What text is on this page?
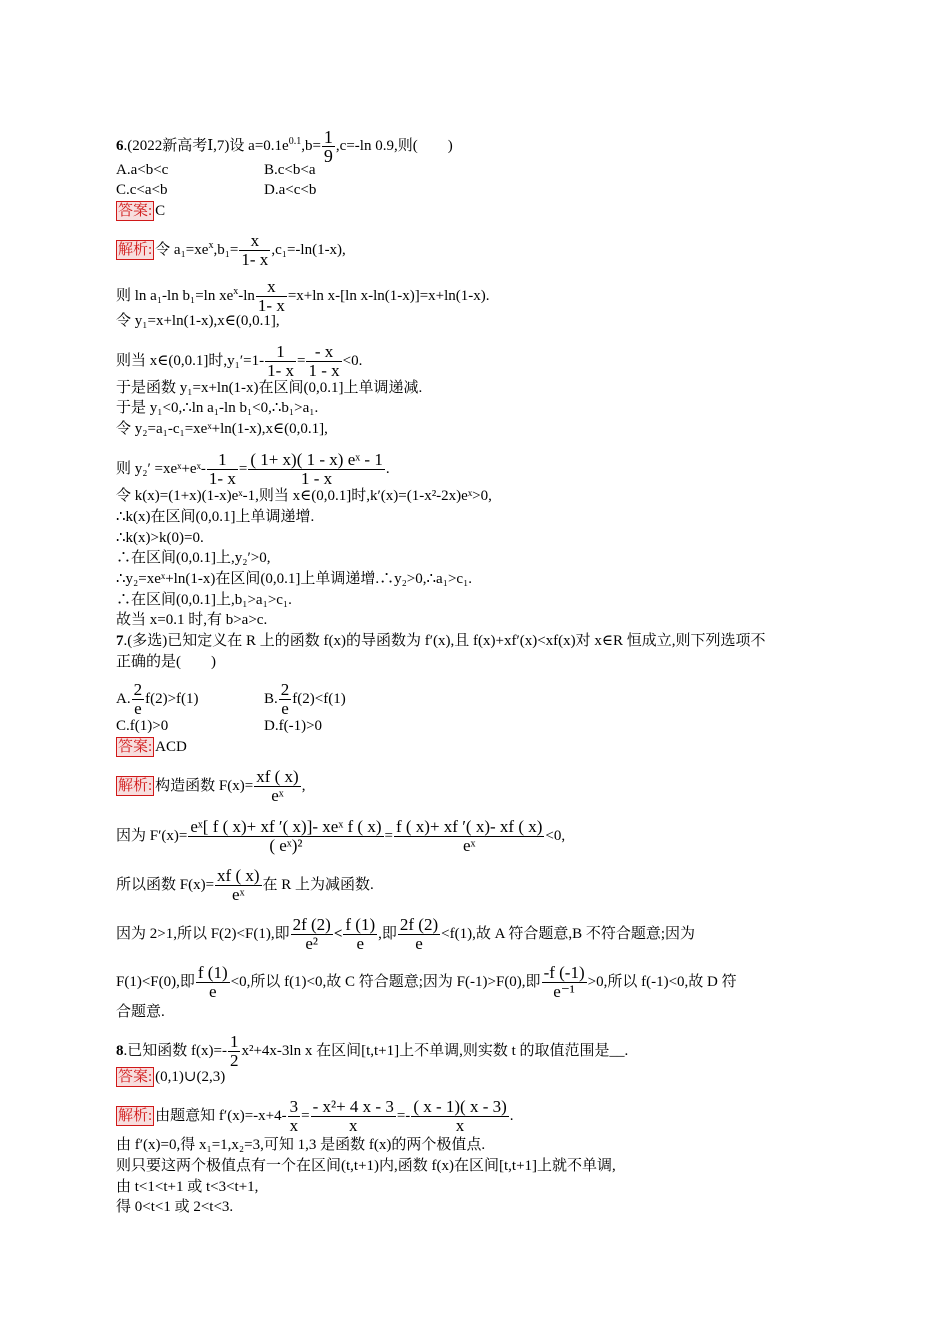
6.(2022新高考Ⅰ,7)设 $a=0.1e^{0.1},b= \frac{1}{9} ,c=-\ln$ 0.9,则(　　)
A.a<b<c	B.c<b<a
C.c<a<b	D.a<c<b
答案: C
解析: 令 $a_1=xe^x,b_1= \frac{x}{1- x} ,c_1=-\ln(1-x)$,
则 ln a₁-ln b₁=ln $xe^x-\ln \frac{x}{1- x} =x+\ln$ x-[ln x-ln(1-x)]=x+ln(1-x).
令 y₁=x+ln(1-x),x∈(0,0.1],
则当 x∈(0,0.1]时$,y_1'=1- \frac{1}{1- x} = \frac{- x}{1 - x} <0$.
于是函数 y₁=x+ln(1-x)在区间(0,0.1]上单调递减.
于是 y₁<0,∴ln a₁-ln b₁<0,∴b₁>a₁.
令 y₂=a₁-c₁=xeˣ+ln(1-x),x∈(0,0.1],
则 y₂′ =xeˣ+eˣ- $\frac{1}{1- x} = \frac{\text{( 1+ x)( 1 - x) eˣ - 1}}{1 - x}$ .
令 k(x)=(1+x)(1-x)eˣ-1,则当 x∈(0,0.1]时,k′(x)=(1-x²-2x)eˣ>0,
∴k(x)在区间(0,0.1]上单调递增.
∴k(x)>k(0)=0.
∴在区间(0,0.1]上,y₂′>0,
∴y₂=xeˣ+ln(1-x)在区间(0,0.1]上单调递增.∴y₂>0,∴a₁>c₁.
∴在区间(0,0.1]上,b₁>a₁>c₁.
故当 x=0.1 时,有 b>a>c.
7.(多选)已知定义在 R 上的函数 f(x)的导函数为 f′(x),且 f(x)+xf′(x)<xf(x)对 x∈R 恒成立,则下列选项不
正确的是(　　)
A. $\frac{2}{e} f(2)>f(1)$	B. $\frac{2}{e} f(2)<f(1)$
C.f(1)>0	D.f(-1)>0
答案: ACD
解析: 构造函数 $F(x)= \frac{xf ( x)}{\text{eˣ}}$ ,
因为 $F'(x)= \frac{\text{eˣ[ f ( x)+ xf ′( x)]- xeˣ f ( x)}}{\text{( eˣ)²}} = \frac{f ( x)+ xf '( x)- xf ( x)}{\text{eˣ}} <0$,
所以函数 $F(x)= \frac{xf ( x)}{\text{eˣ}}$ 在 R 上为减函数.
因为 2>1,所以 F(2)<F(1),即 $\frac{2f (2)}{\text{e²}} < \frac{f (1)}{e}$ ,即 $\frac{2f (2)}{e} <f(1)$,故 A 符合题意,B 不符合题意;因为
F(1)<F(0),即 $\frac{f (1)}{e} <0$,所以 f(1)<0,故 C 符合题意;因为 F(-1)>F(0),即 $\frac{-f (-1)}{\text{e⁻¹}} >0$,所以 f(-1)<0,故 D 符
合题意.
8.已知函数 $f(x)=- \frac{1}{2} x^2+4x-3\ln$ x 在区间[t,t+1]上不单调,则实数 t 的取值范围是__.
答案: (0,1)∪(2,3)
解析: 由题意知 $f'(x)=-x+4- \frac{3}{x} = \frac{\text{- x²+ 4 x - 3}}{x} =- \frac{( x - 1)( x - 3)}{x}$ .
由 f′(x)=0,得 x₁=1,x₂=3,可知 1,3 是函数 f(x)的两个极值点.
则只要这两个极值点有一个在区间(t,t+1)内,函数 f(x)在区间[t,t+1]上就不单调,
由 t<1<t+1 或 t<3<t+1,
得 0<t<1 或 2<t<3.
